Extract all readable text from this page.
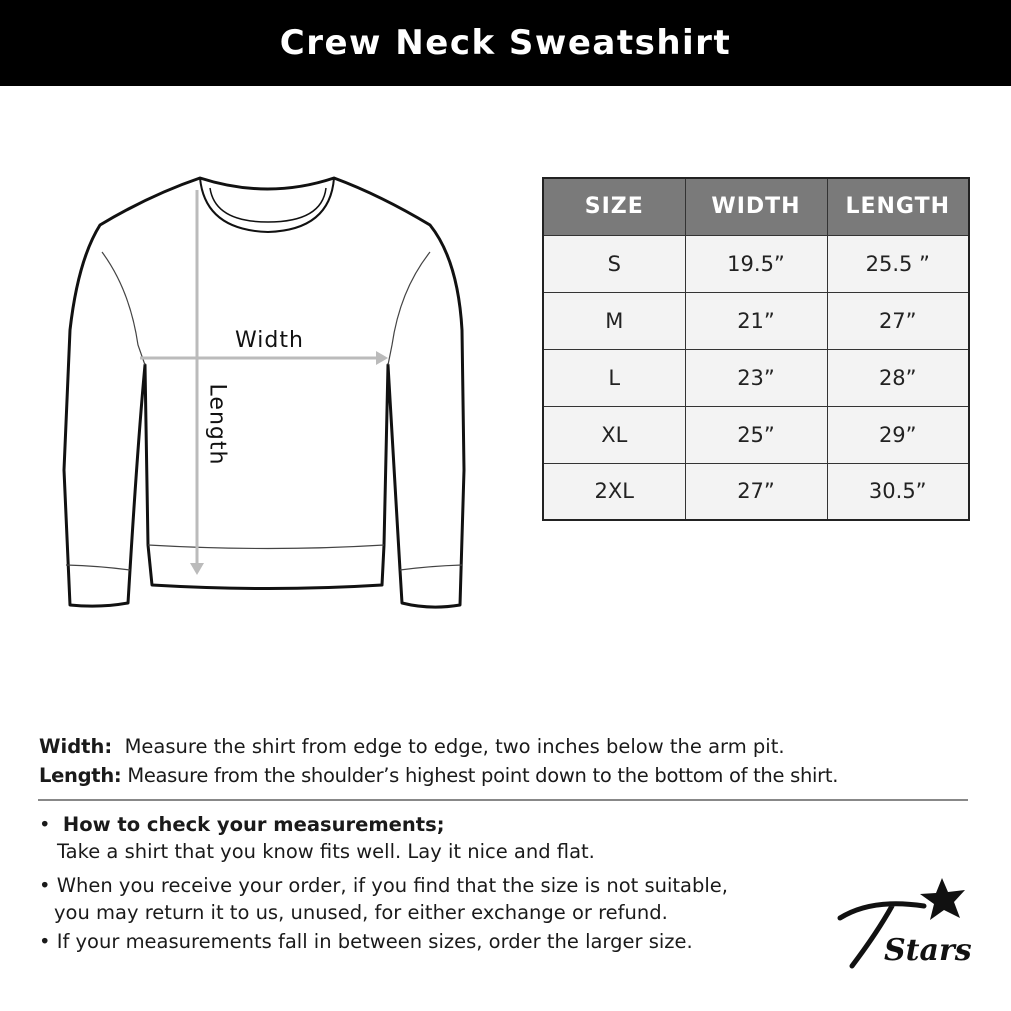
Crew Neck Sweatshirt
Width
Length
SIZE	WIDTH	LENGTH
S	19.5”	25.5 ”
M	21”	27”
L	23”	28”
XL	25”	29”
2XL	27”	30.5”
Width: Measure the shirt from edge to edge, two inches below the arm pit.
Length: Measure from the shoulder’s highest point down to the bottom of the shirt.
•  How to check your measurements;
Take a shirt that you know fits well. Lay it nice and flat.
• When you receive your order, if you find that the size is not suitable,
you may return it to us, unused, for either exchange or refund.
• If your measurements fall in between sizes, order the larger size.	Stars
